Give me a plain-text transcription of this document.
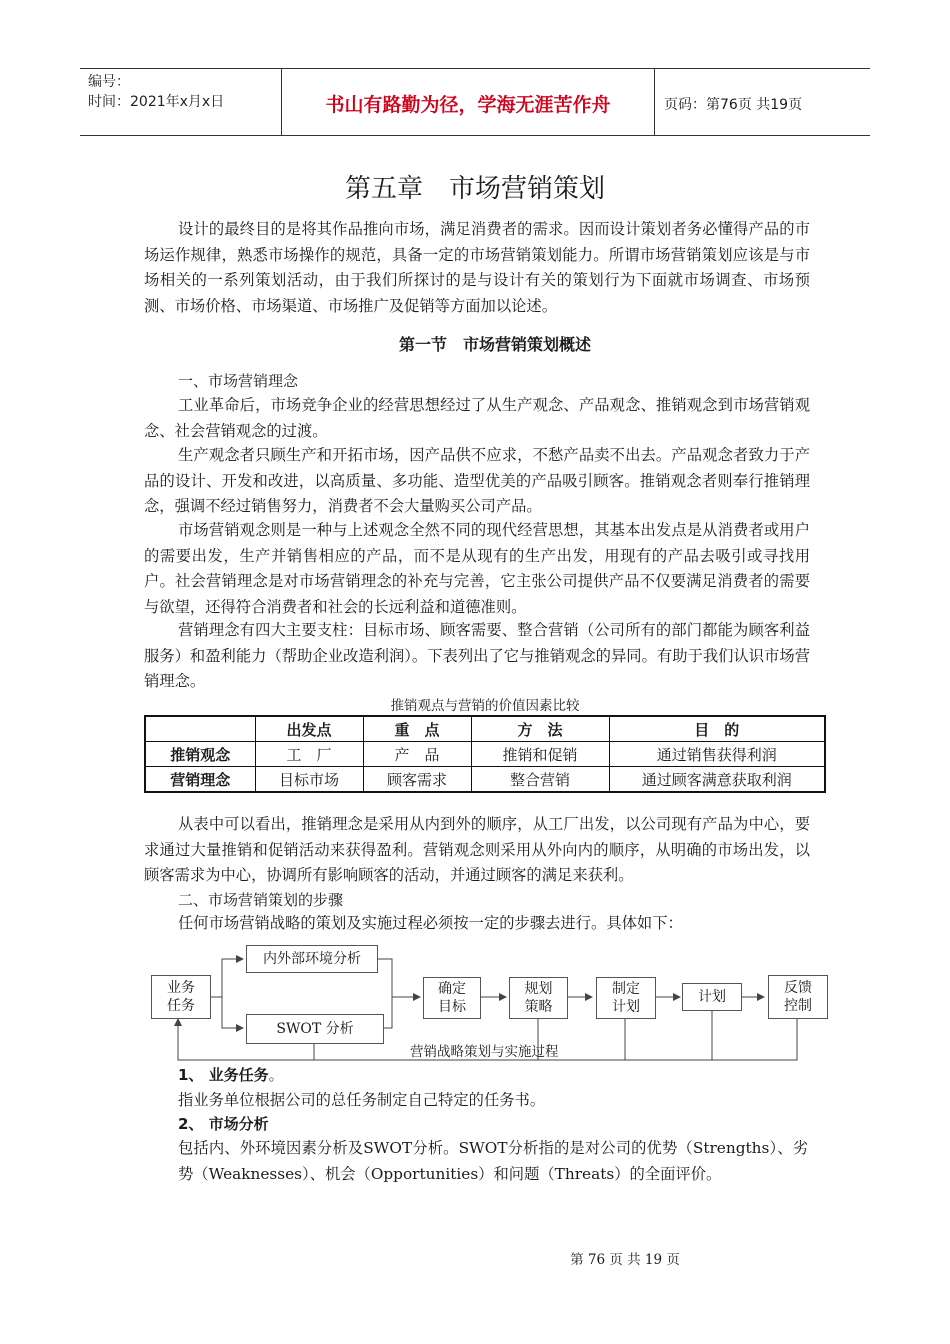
编号：
时间：2021年x月x日	书山有路勤为径，学海无涯苦作舟	页码：第76页 共19页
第五章　市场营销策划

设计的最终目的是将其作品推向市场，满足消费者的需求。因而设计策划者务必懂得产品的市场运作规律，熟悉市场操作的规范，具备一定的市场营销策划能力。所谓市场营销策划应该是与市场相关的一系列策划活动，由于我们所探讨的是与设计有关的策划行为下面就市场调查、市场预测、市场价格、市场渠道、市场推广及促销等方面加以论述。

第一节　市场营销策划概述
一、市场营销理念

工业革命后，市场竞争企业的经营思想经过了从生产观念、产品观念、推销观念到市场营销观念、社会营销观念的过渡。

生产观念者只顾生产和开拓市场，因产品供不应求，不愁产品卖不出去。产品观念者致力于产品的设计、开发和改进，以高质量、多功能、造型优美的产品吸引顾客。推销观念者则奉行推销理念，强调不经过销售努力，消费者不会大量购买公司产品。

市场营销观念则是一种与上述观念全然不同的现代经营思想，其基本出发点是从消费者或用户的需要出发，生产并销售相应的产品，而不是从现有的生产出发，用现有的产品去吸引或寻找用户。社会营销理念是对市场营销理念的补充与完善，它主张公司提供产品不仅要满足消费者的需要与欲望，还得符合消费者和社会的长远利益和道德准则。

营销理念有四大主要支柱：目标市场、顾客需要、整合营销（公司所有的部门都能为顾客利益服务）和盈利能力（帮助企业改造利润）。下表列出了它与推销观念的异同。有助于我们认识市场营销理念。

推销观点与营销的价值因素比较
	出发点	重　点	方　法	目　的
推销观念	工　厂	产　品	推销和促销	通过销售获得利润
营销理念	目标市场	顾客需求	整合营销	通过顾客满意获取利润

从表中可以看出，推销理念是采用从内到外的顺序，从工厂出发，以公司现有产品为中心，要求通过大量推销和促销活动来获得盈利。营销观念则采用从外向内的顺序，从明确的市场出发，以顾客需求为中心，协调所有影响顾客的活动，并通过顾客的满足来获利。

二、市场营销策划的步骤

任何市场营销战略的策划及实施过程必须按一定的步骤去进行。具体如下：

业务
任务
内外部环境分析
SWOT 分析
确定
目标
规划
策略
制定
计划
计划
反馈
控制
营销战略策划与实施过程
1、 业务任务。

指业务单位根据公司的总任务制定自己特定的任务书。

2、 市场分析

包括内、外环境因素分析及SWOT分析。SWOT分析指的是对公司的优势（Strengths）、劣势（Weaknesses）、机会（Opportunities）和问题（Threats）的全面评价。

第 76 页 共 19 页
